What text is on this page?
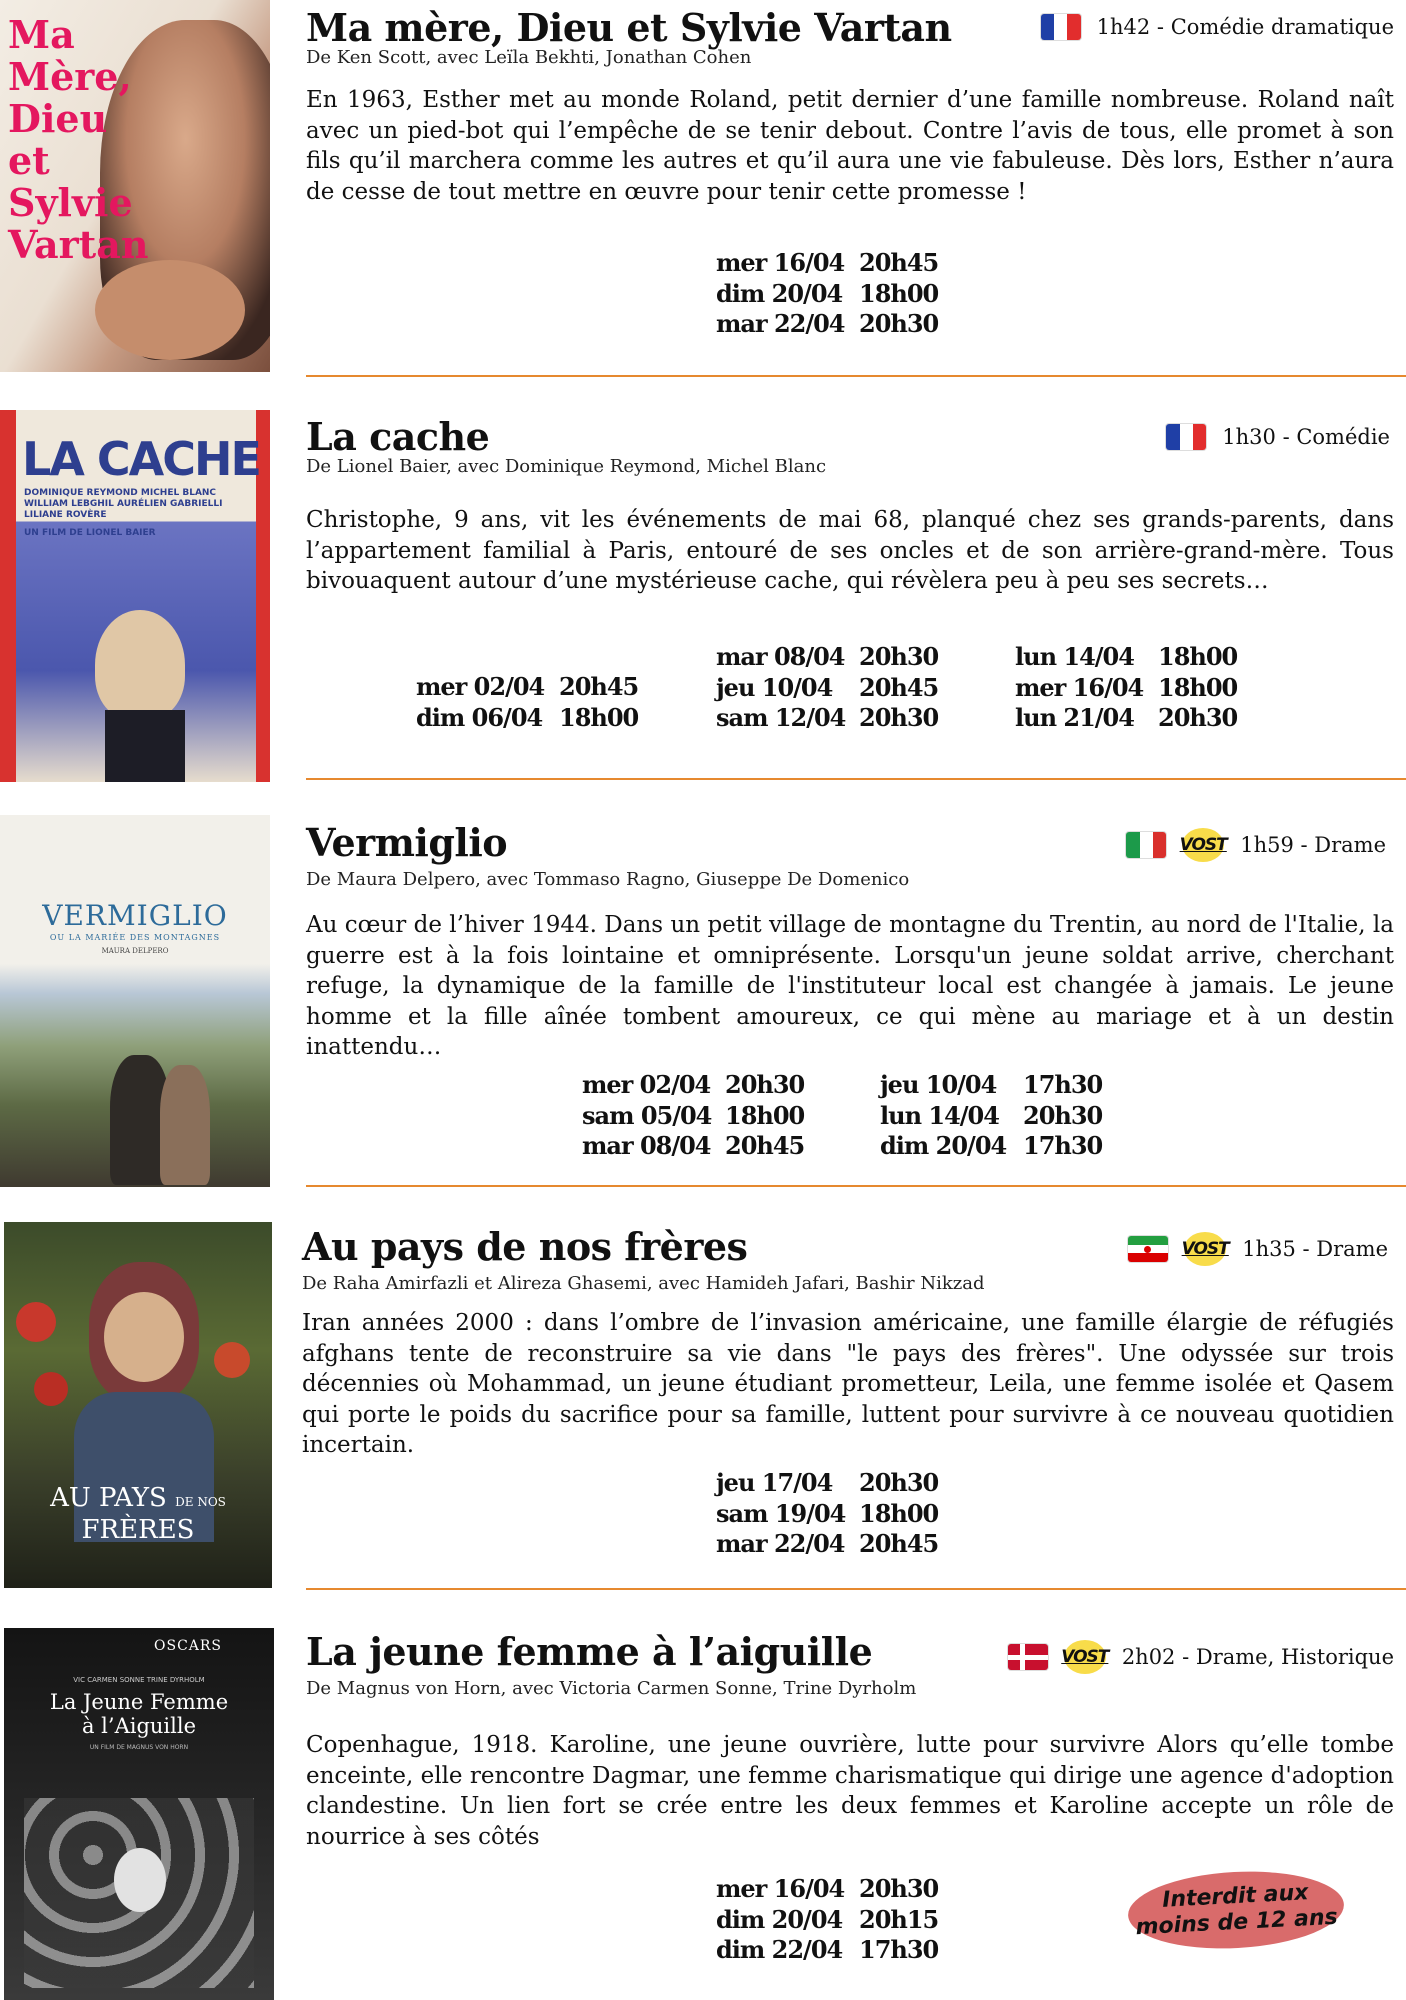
Ma
Mère,
Dieu
et
Sylvie
Vartan
Ma mère, Dieu et Sylvie Vartan
De Ken Scott, avec Leïla Bekhti, Jonathan Cohen
1h42 - Comédie dramatique
En 1963, Esther met au monde Roland, petit dernier d’une famille nombreuse. Roland naît avec un pied-bot qui l’empêche de se tenir debout. Contre l’avis de tous, elle promet à son fils qu’il marchera comme les autres et qu’il aura une vie fabuleuse. Dès lors, Esther n’aura de cesse de tout mettre en œuvre pour tenir cette promesse !
mer 16/04 20h45
dim 20/04 18h00
mar 22/04 20h30
LA CACHE
DOMINIQUE REYMOND MICHEL BLANC WILLIAM LEBGHIL AURÉLIEN GABRIELLI LILIANE ROVÈRE
UN FILM DE LIONEL BAIER
La cache
De Lionel Baier, avec Dominique Reymond, Michel Blanc
1h30 - Comédie
Christophe, 9 ans, vit les événements de mai 68, planqué chez ses grands-parents, dans l’appartement familial à Paris, entouré de ses oncles et de son arrière-grand-mère. Tous bivouaquent autour d’une mystérieuse cache, qui révèlera peu à peu ses secrets…
mer 02/04 20h45
dim 06/04 18h00
mar 08/04 20h30
jeu 10/04	20h45
sam 12/04 20h30
lun 14/04	18h00
mer 16/04 18h00
lun 21/04	20h30
VERMIGLIO
OU LA MARIÉE DES MONTAGNES
MAURA DELPERO
Vermiglio
De Maura Delpero, avec Tommaso Ragno, Giuseppe De Domenico
VOST 1h59 - Drame
Au cœur de l’hiver 1944. Dans un petit village de montagne du Trentin, au nord de l'Italie, la guerre est à la fois lointaine et omniprésente. Lorsqu'un jeune soldat arrive, cherchant refuge, la dynamique de la famille de l'instituteur local est changée à jamais. Le jeune homme et la fille aînée tombent amoureux, ce qui mène au mariage et à un destin inattendu…
mer 02/04 20h30
sam 05/04 18h00
mar 08/04 20h45
jeu 10/04	17h30
lun 14/04	20h30
dim 20/04 17h30
AU PAYS DE NOS FRÈRES
Au pays de nos frères
De Raha Amirfazli et Alireza Ghasemi, avec Hamideh Jafari, Bashir Nikzad
VOST 1h35 - Drame
Iran années 2000 : dans l’ombre de l’invasion américaine, une famille élargie de réfugiés afghans tente de reconstruire sa vie dans "le pays des frères". Une odyssée sur trois décennies où Mohammad, un jeune étudiant prometteur, Leila, une femme isolée et Qasem qui porte le poids du sacrifice pour sa famille, luttent pour survivre à ce nouveau quotidien incertain.
jeu 17/04	20h30
sam 19/04 18h00
mar 22/04 20h45
OSCARS
VIC CARMEN SONNE TRINE DYRHOLM
La Jeune Femme
à l’Aiguille
UN FILM DE MAGNUS VON HORN
La jeune femme à l’aiguille
De Magnus von Horn, avec Victoria Carmen Sonne, Trine Dyrholm
VOST 2h02 - Drame, Historique
Copenhague, 1918. Karoline, une jeune ouvrière, lutte pour survivre Alors qu’elle tombe enceinte, elle rencontre Dagmar, une femme charismatique qui dirige une agence d'adoption clandestine. Un lien fort se crée entre les deux femmes et Karoline accepte un rôle de nourrice à ses côtés
mer 16/04 20h30
dim 20/04 20h15
dim 22/04 17h30
Interdit aux moins de 12 ans
